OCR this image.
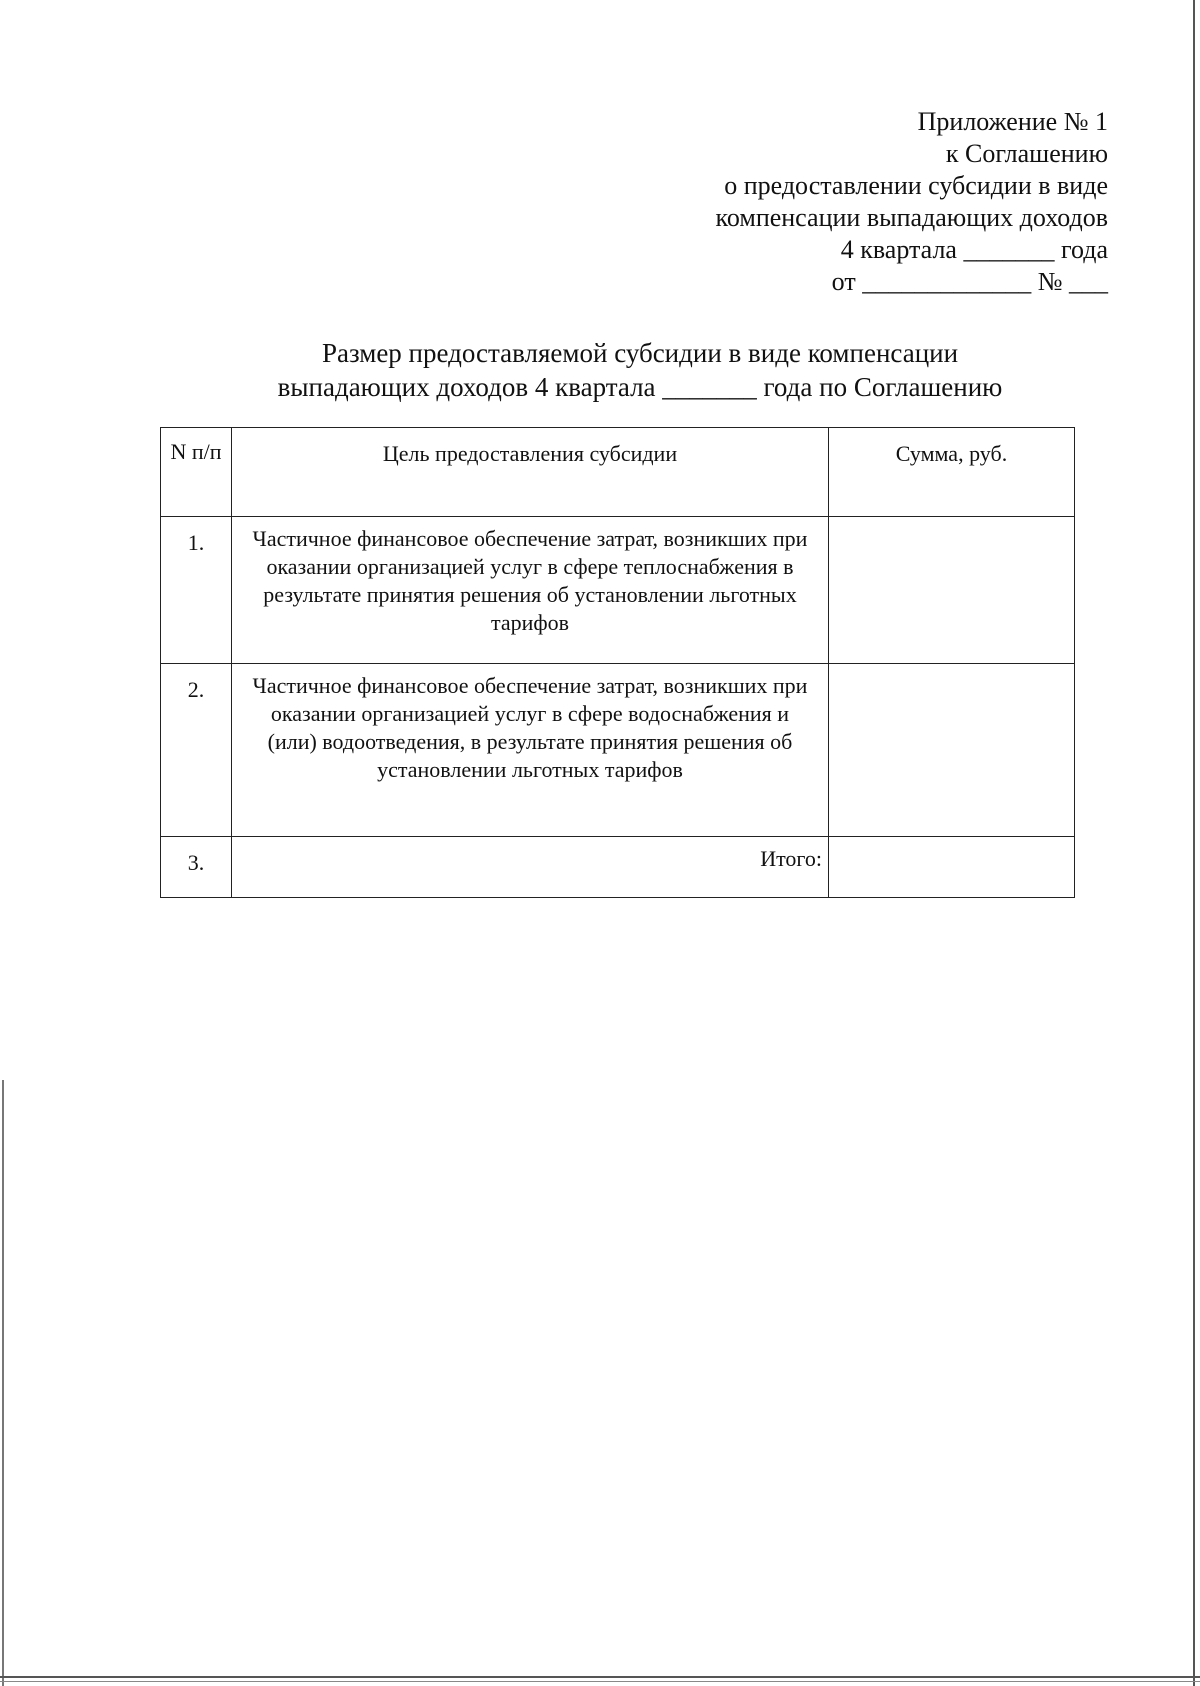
Приложение № 1
к Соглашению
о предоставлении субсидии в виде
компенсации выпадающих доходов
4 квартала _______ года
от _____________ № ___
Размер предоставляемой субсидии в виде компенсации
выпадающих доходов 4 квартала _______ года по Соглашению
N п/п	Цель предоставления субсидии	Сумма, руб.

1.	Частичное финансовое обеспечение затрат, возникших при оказании организацией услуг в сфере теплоснабжения в результате принятия решения об установлении льготных тарифов	

2.	Частичное финансовое обеспечение затрат, возникших при оказании организацией услуг в сфере водоснабжения и (или) водоотведения, в результате принятия решения об установлении льготных тарифов	

3.	Итого:	
